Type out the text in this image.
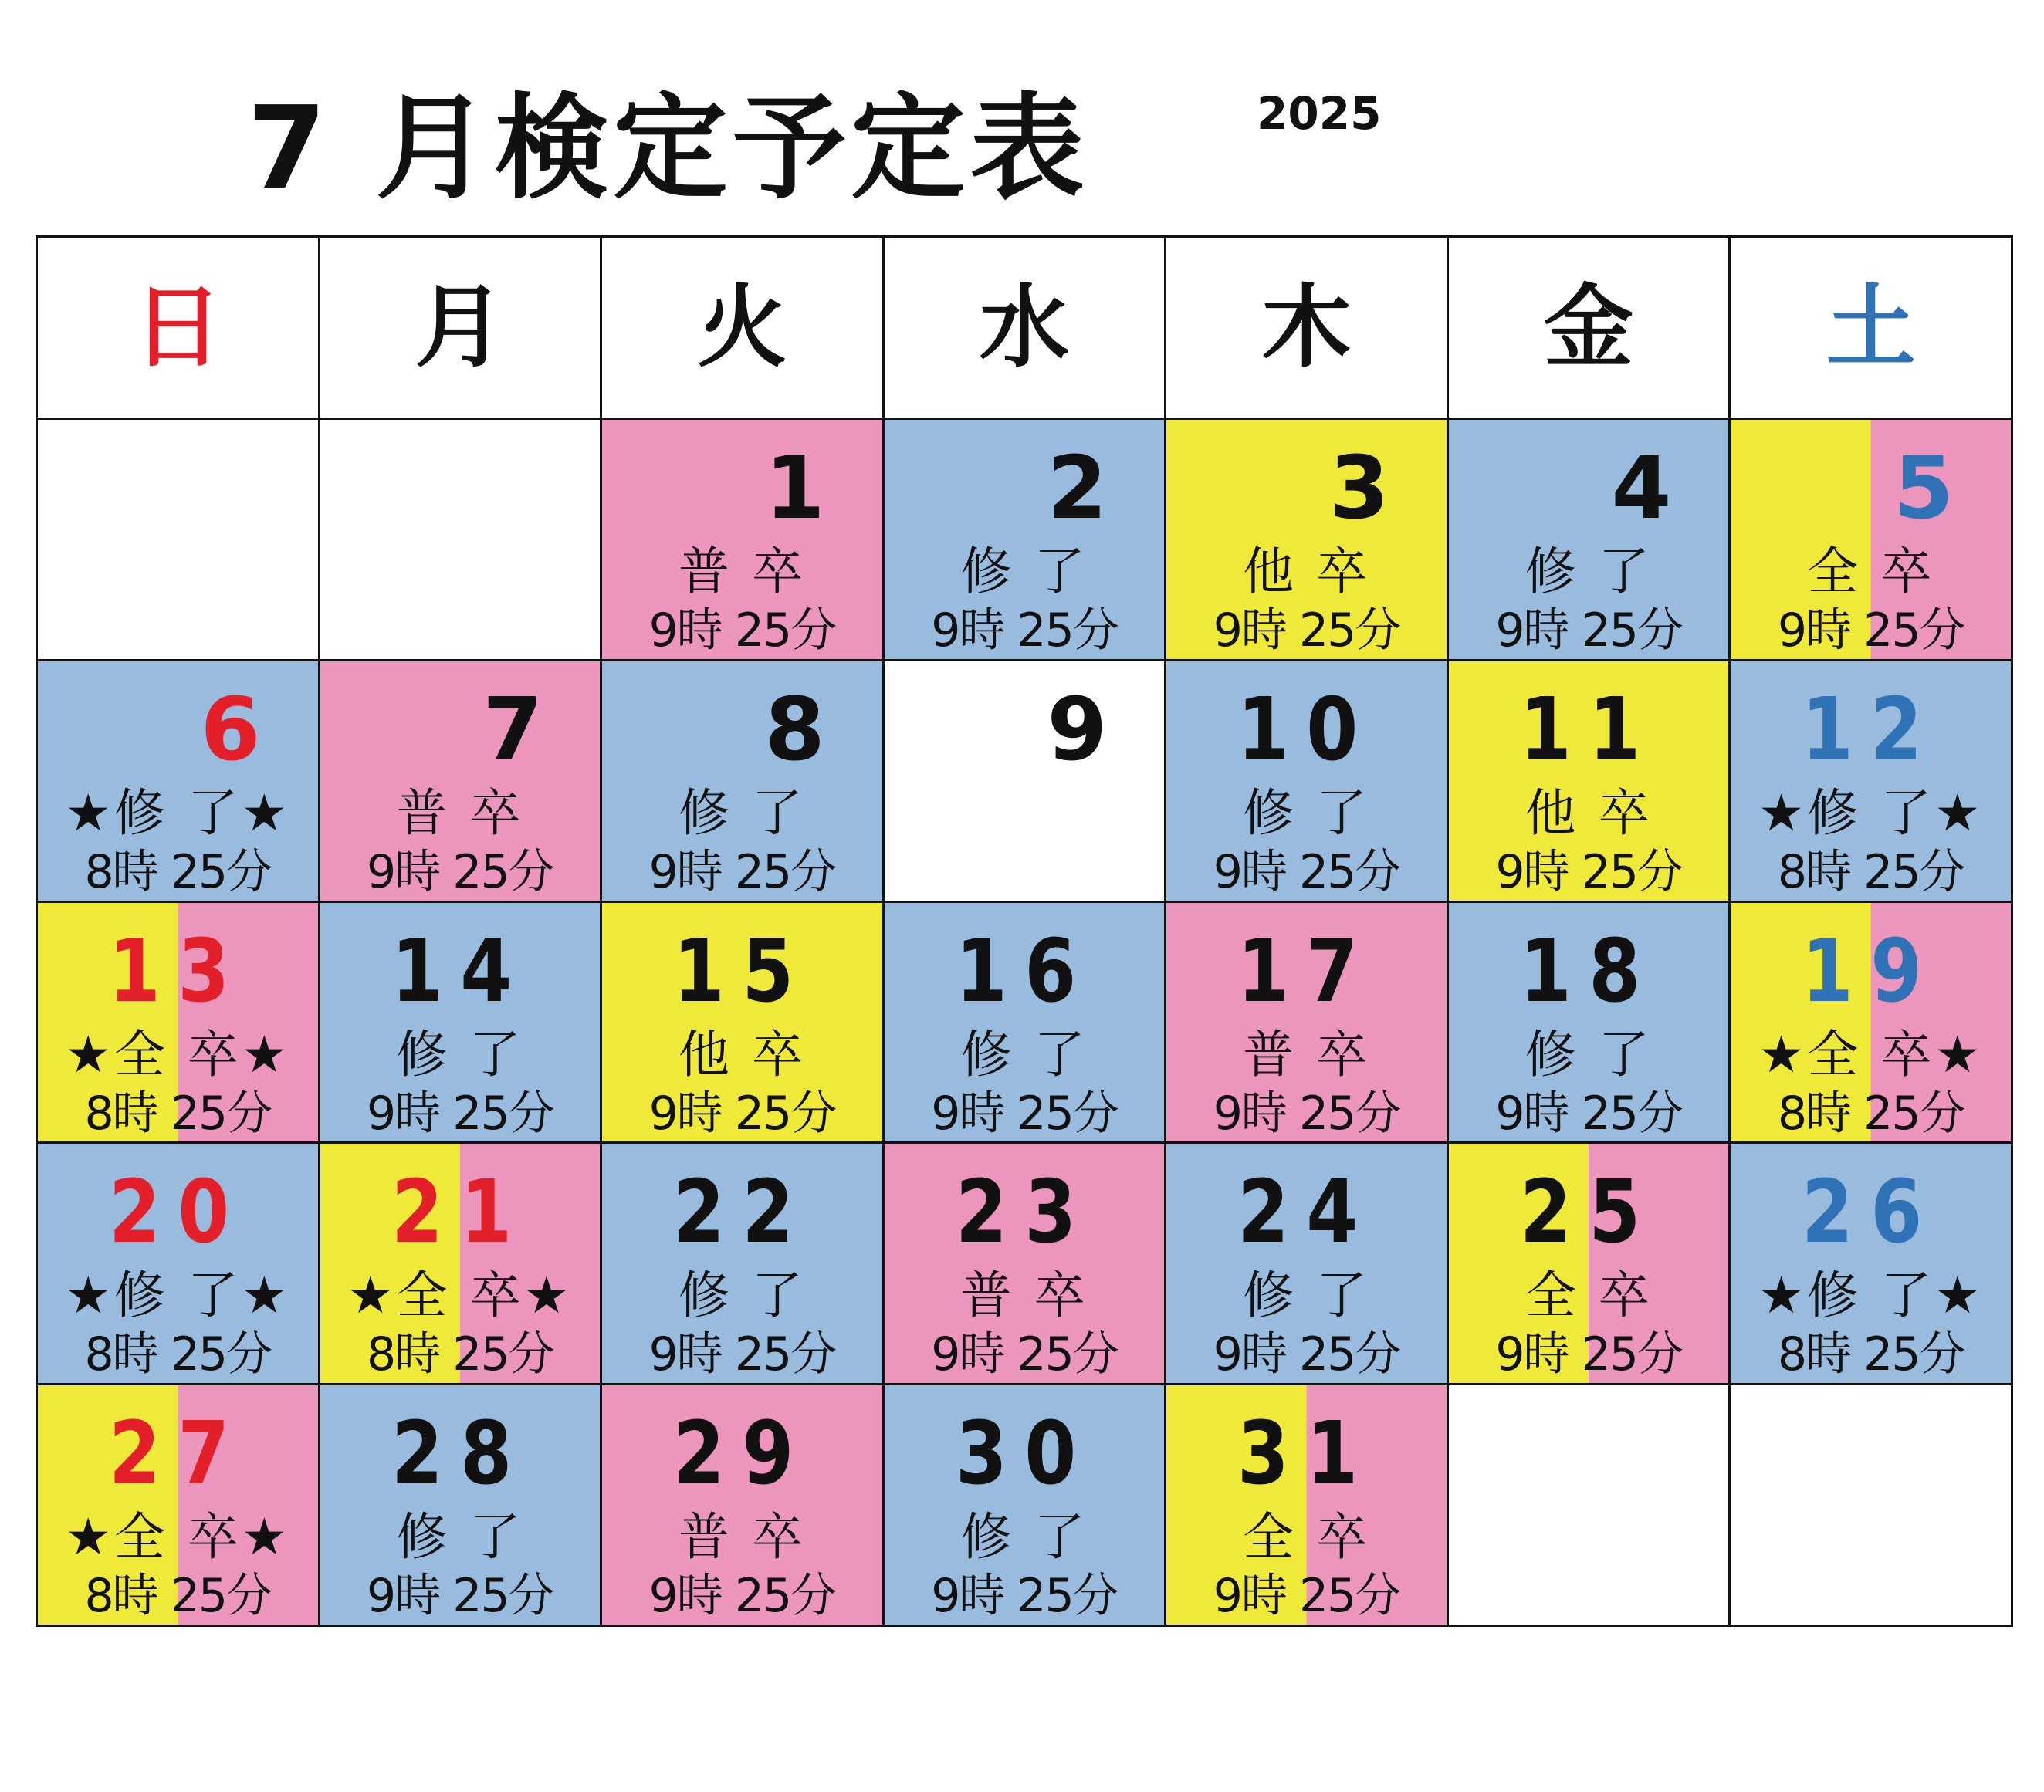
7 月検定予定表	2025
日 月 火 水 木 金 土
1
普 卒
9時 25分
2
修 了
9時 25分
3
他 卒
9時 25分
4
修 了
9時 25分
5
全 卒
9時 25分
6
★修 了★
8時 25分
7
普 卒
9時 25分
8
修 了
9時 25分
9	10
修 了
9時 25分
11
他 卒
9時 25分
12
★修 了★
8時 25分
13
★全 卒★
8時 25分
14
修 了
9時 25分
15
他 卒
9時 25分
16
修 了
9時 25分
17
普 卒
9時 25分
18
修 了
9時 25分
19
★全 卒★
8時 25分
20
★修 了★
8時 25分
21
★全 卒★
8時 25分
22
修 了
9時 25分
23
普 卒
9時 25分
24
修 了
9時 25分
25
全 卒
9時 25分
26
★修 了★
8時 25分
27
★全 卒★
8時 25分
28
修 了
9時 25分
29
普 卒
9時 25分
30
修 了
9時 25分
31
全 卒
9時 25分
